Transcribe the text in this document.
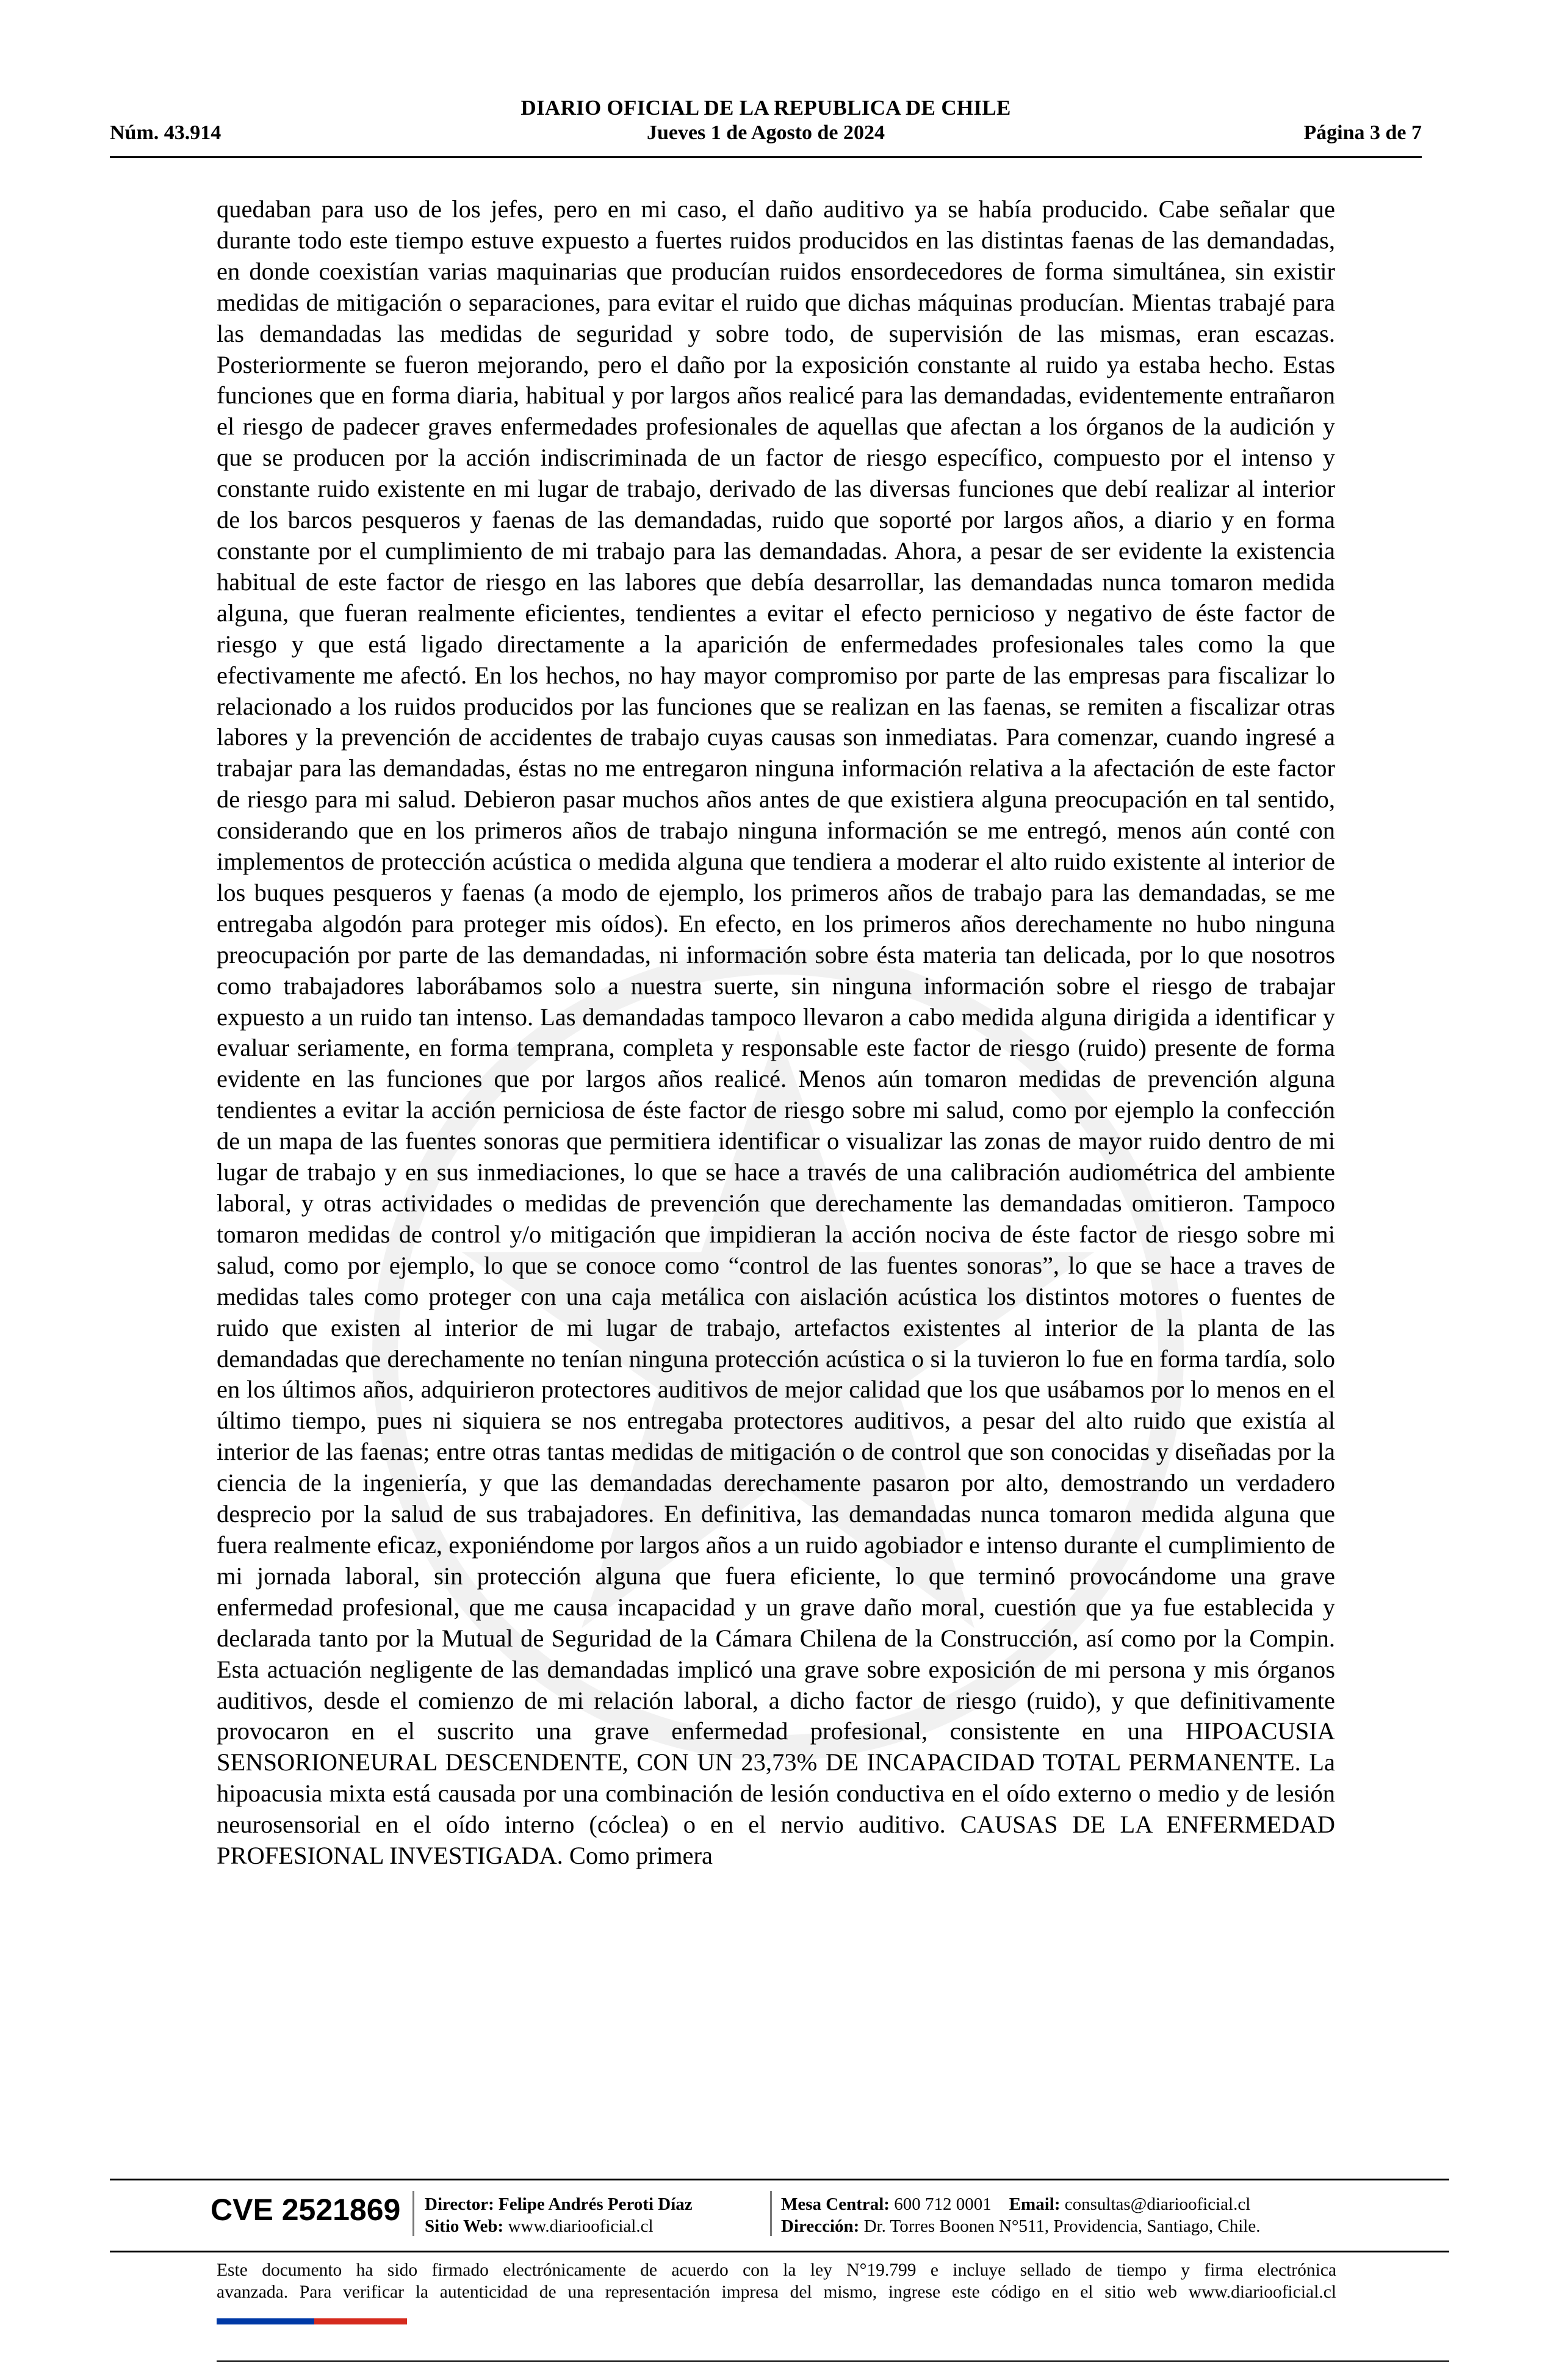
DIARIO OFICIAL DE LA REPUBLICA DE CHILE
Núm. 43.914	Jueves 1 de Agosto de 2024	Página 3 de 7

quedaban para uso de los jefes, pero en mi caso, el daño auditivo ya se había producido. Cabe señalar que durante todo este tiempo estuve expuesto a fuertes ruidos producidos en las distintas faenas de las demandadas, en donde coexistían varias maquinarias que producían ruidos ensordecedores de forma simultánea, sin existir medidas de mitigación o separaciones, para evitar el ruido que dichas máquinas producían. Mientas trabajé para las demandadas las medidas de seguridad y sobre todo, de supervisión de las mismas, eran escazas. Posteriormente se fueron mejorando, pero el daño por la exposición constante al ruido ya estaba hecho. Estas funciones que en forma diaria, habitual y por largos años realicé para las demandadas, evidentemente entrañaron el riesgo de padecer graves enfermedades profesionales de aquellas que afectan a los órganos de la audición y que se producen por la acción indiscriminada de un factor de riesgo específico, compuesto por el intenso y constante ruido existente en mi lugar de trabajo, derivado de las diversas funciones que debí realizar al interior de los barcos pesqueros y faenas de las demandadas, ruido que soporté por largos años, a diario y en forma constante por el cumplimiento de mi trabajo para las demandadas. Ahora, a pesar de ser evidente la existencia habitual de este factor de riesgo en las labores que debía desarrollar, las demandadas nunca tomaron medida alguna, que fueran realmente eficientes, tendientes a evitar el efecto pernicioso y negativo de éste factor de riesgo y que está ligado directamente a la aparición de enfermedades profesionales tales como la que efectivamente me afectó. En los hechos, no hay mayor compromiso por parte de las empresas para fiscalizar lo relacionado a los ruidos producidos por las funciones que se realizan en las faenas, se remiten a fiscalizar otras labores y la prevención de accidentes de trabajo cuyas causas son inmediatas. Para comenzar, cuando ingresé a trabajar para las demandadas, éstas no me entregaron ninguna información relativa a la afectación de este factor de riesgo para mi salud. Debieron pasar muchos años antes de que existiera alguna preocupación en tal sentido, considerando que en los primeros años de trabajo ninguna información se me entregó, menos aún conté con implementos de protección acústica o medida alguna que tendiera a moderar el alto ruido existente al interior de los buques pesqueros y faenas (a modo de ejemplo, los primeros años de trabajo para las demandadas, se me entregaba algodón para proteger mis oídos). En efecto, en los primeros años derechamente no hubo ninguna preocupación por parte de las demandadas, ni información sobre ésta materia tan delicada, por lo que nosotros como trabajadores laborábamos solo a nuestra suerte, sin ninguna información sobre el riesgo de trabajar expuesto a un ruido tan intenso. Las demandadas tampoco llevaron a cabo medida alguna dirigida a identificar y evaluar seriamente, en forma temprana, completa y responsable este factor de riesgo (ruido) presente de forma evidente en las funciones que por largos años realicé. Menos aún tomaron medidas de prevención alguna tendientes a evitar la acción perniciosa de éste factor de riesgo sobre mi salud, como por ejemplo la confección de un mapa de las fuentes sonoras que permitiera identificar o visualizar las zonas de mayor ruido dentro de mi lugar de trabajo y en sus inmediaciones, lo que se hace a través de una calibración audiométrica del ambiente laboral, y otras actividades o medidas de prevención que derechamente las demandadas omitieron. Tampoco tomaron medidas de control y/o mitigación que impidieran la acción nociva de éste factor de riesgo sobre mi salud, como por ejemplo, lo que se conoce como “control de las fuentes sonoras”, lo que se hace a traves de medidas tales como proteger con una caja metálica con aislación acústica los distintos motores o fuentes de ruido que existen al interior de mi lugar de trabajo, artefactos existentes al interior de la planta de las demandadas que derechamente no tenían ninguna protección acústica o si la tuvieron lo fue en forma tardía, solo en los últimos años, adquirieron protectores auditivos de mejor calidad que los que usábamos por lo menos en el último tiempo, pues ni siquiera se nos entregaba protectores auditivos, a pesar del alto ruido que existía al interior de las faenas; entre otras tantas medidas de mitigación o de control que son conocidas y diseñadas por la ciencia de la ingeniería, y que las demandadas derechamente pasaron por alto, demostrando un verdadero desprecio por la salud de sus trabajadores. En definitiva, las demandadas nunca tomaron medida alguna que fuera realmente eficaz, exponiéndome por largos años a un ruido agobiador e intenso durante el cumplimiento de mi jornada laboral, sin protección alguna que fuera eficiente, lo que terminó provocándome una grave enfermedad profesional, que me causa incapacidad y un grave daño moral, cuestión que ya fue establecida y declarada tanto por la Mutual de Seguridad de la Cámara Chilena de la Construcción, así como por la Compin. Esta actuación negligente de las demandadas implicó una grave sobre exposición de mi persona y mis órganos auditivos, desde el comienzo de mi relación laboral, a dicho factor de riesgo (ruido), y que definitivamente provocaron en el suscrito una grave enfermedad profesional, consistente en una HIPOACUSIA SENSORIONEURAL DESCENDENTE, CON UN 23,73% DE INCAPACIDAD TOTAL PERMANENTE. La hipoacusia mixta está causada por una combinación de lesión conductiva en el oído externo o medio y de lesión neurosensorial en el oído interno (cóclea) o en el nervio auditivo. CAUSAS DE LA ENFERMEDAD PROFESIONAL INVESTIGADA. Como primera

CVE 2521869 Director: Felipe Andrés Peroti Díaz
Sitio Web: www.diariooficial.cl
Mesa Central: 600 712 0001 Email: consultas@diariooficial.cl
Dirección: Dr. Torres Boonen N°511, Providencia, Santiago, Chile.
Este documento ha sido firmado electrónicamente de acuerdo con la ley N°19.799 e incluye sellado de tiempo y firma electrónica
avanzada. Para verificar la autenticidad de una representación impresa del mismo, ingrese este código en el sitio web www.diariooficial.cl
